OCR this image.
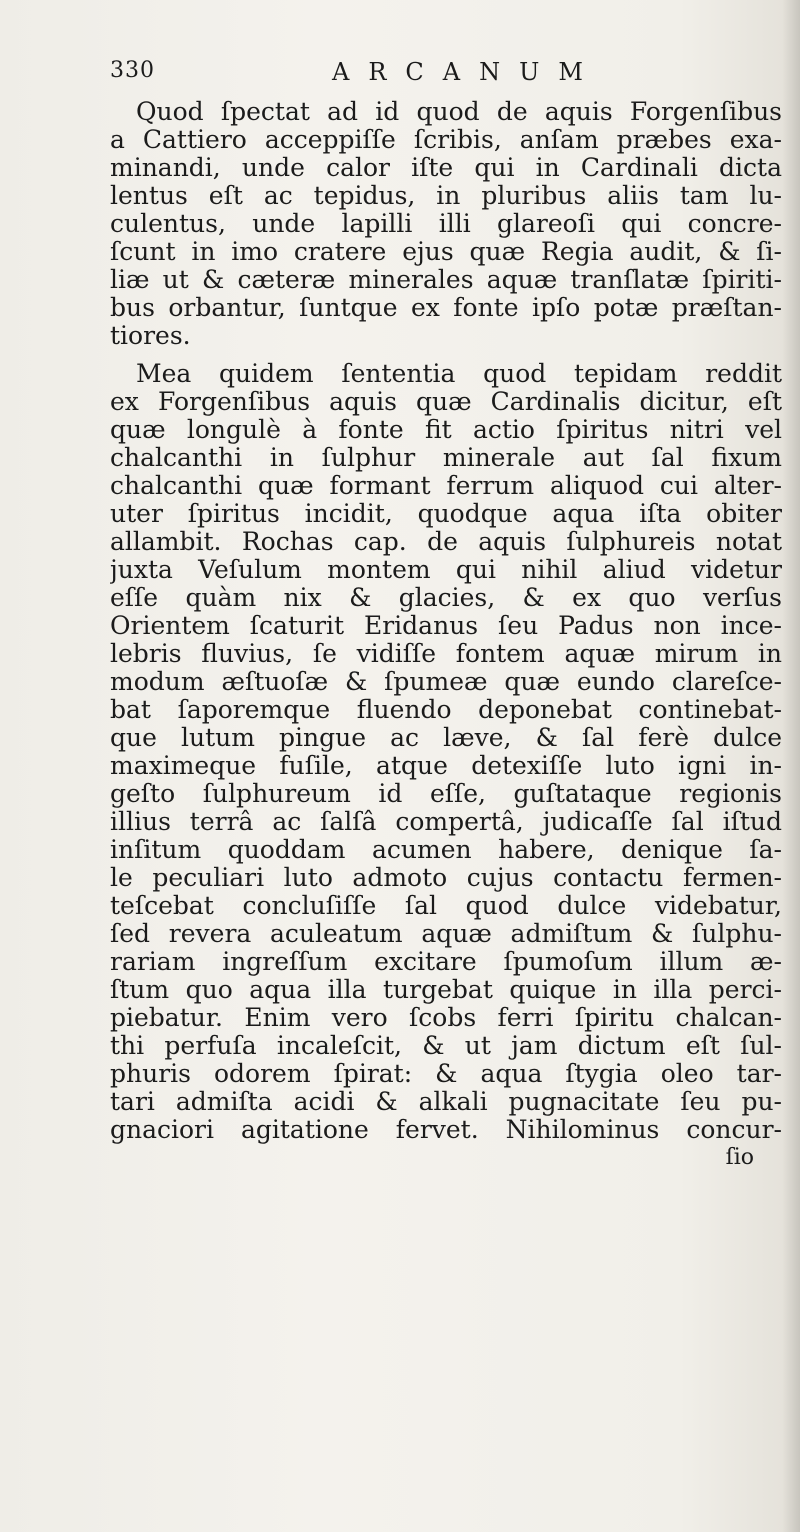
330	ARCANUM
Quod ſpectat ad id quod de aquis Forgenſibus
a Cattiero acceppiſſe ſcribis, anſam præbes exa-
minandi, unde calor iſte qui in Cardinali dicta
lentus eſt ac tepidus, in pluribus aliis tam lu-
culentus, unde lapilli illi glareoſi qui concre-
ſcunt in imo cratere ejus quæ Regia audit, & ſi-
liæ ut & cæteræ minerales aquæ tranſlatæ ſpiriti-
bus orbantur, ſuntque ex fonte ipſo potæ præſtan-
tiores.
Mea quidem ſententia quod tepidam reddit
ex Forgenſibus aquis quæ Cardinalis dicitur, eſt
quæ longulè à fonte fit actio ſpiritus nitri vel
chalcanthi in ſulphur minerale aut ſal fixum
chalcanthi quæ formant ferrum aliquod cui alter-
uter ſpiritus incidit, quodque aqua iſta obiter
allambit. Rochas cap. de aquis ſulphureis notat
juxta Veſulum montem qui nihil aliud videtur
eſſe quàm nix & glacies, & ex quo verſus
Orientem ſcaturit Eridanus ſeu Padus non ince-
lebris fluvius, ſe vidiſſe fontem aquæ mirum in
modum æſtuoſæ & ſpumeæ quæ eundo clareſce-
bat ſaporemque fluendo deponebat continebat-
que lutum pingue ac læve, & ſal ferè dulce
maximeque fuſile, atque detexiſſe luto igni in-
geſto ſulphureum id eſſe, guſtataque regionis
illius terrâ ac ſalſâ compertâ, judicaſſe ſal iſtud
inſitum quoddam acumen habere, denique ſa-
le peculiari luto admoto cujus contactu fermen-
teſcebat concluſiſſe ſal quod dulce videbatur,
ſed revera aculeatum aquæ admiſtum & ſulphu-
rariam ingreſſum excitare ſpumoſum illum æ-
ſtum quo aqua illa turgebat quique in illa perci-
piebatur. Enim vero ſcobs ferri ſpiritu chalcan-
thi perfuſa incaleſcit, & ut jam dictum eſt ſul-
phuris odorem ſpirat: & aqua ſtygia oleo tar-
tari admiſta acidi & alkali pugnacitate ſeu pu-
gnaciori agitatione fervet. Nihilominus concur-
ſio
